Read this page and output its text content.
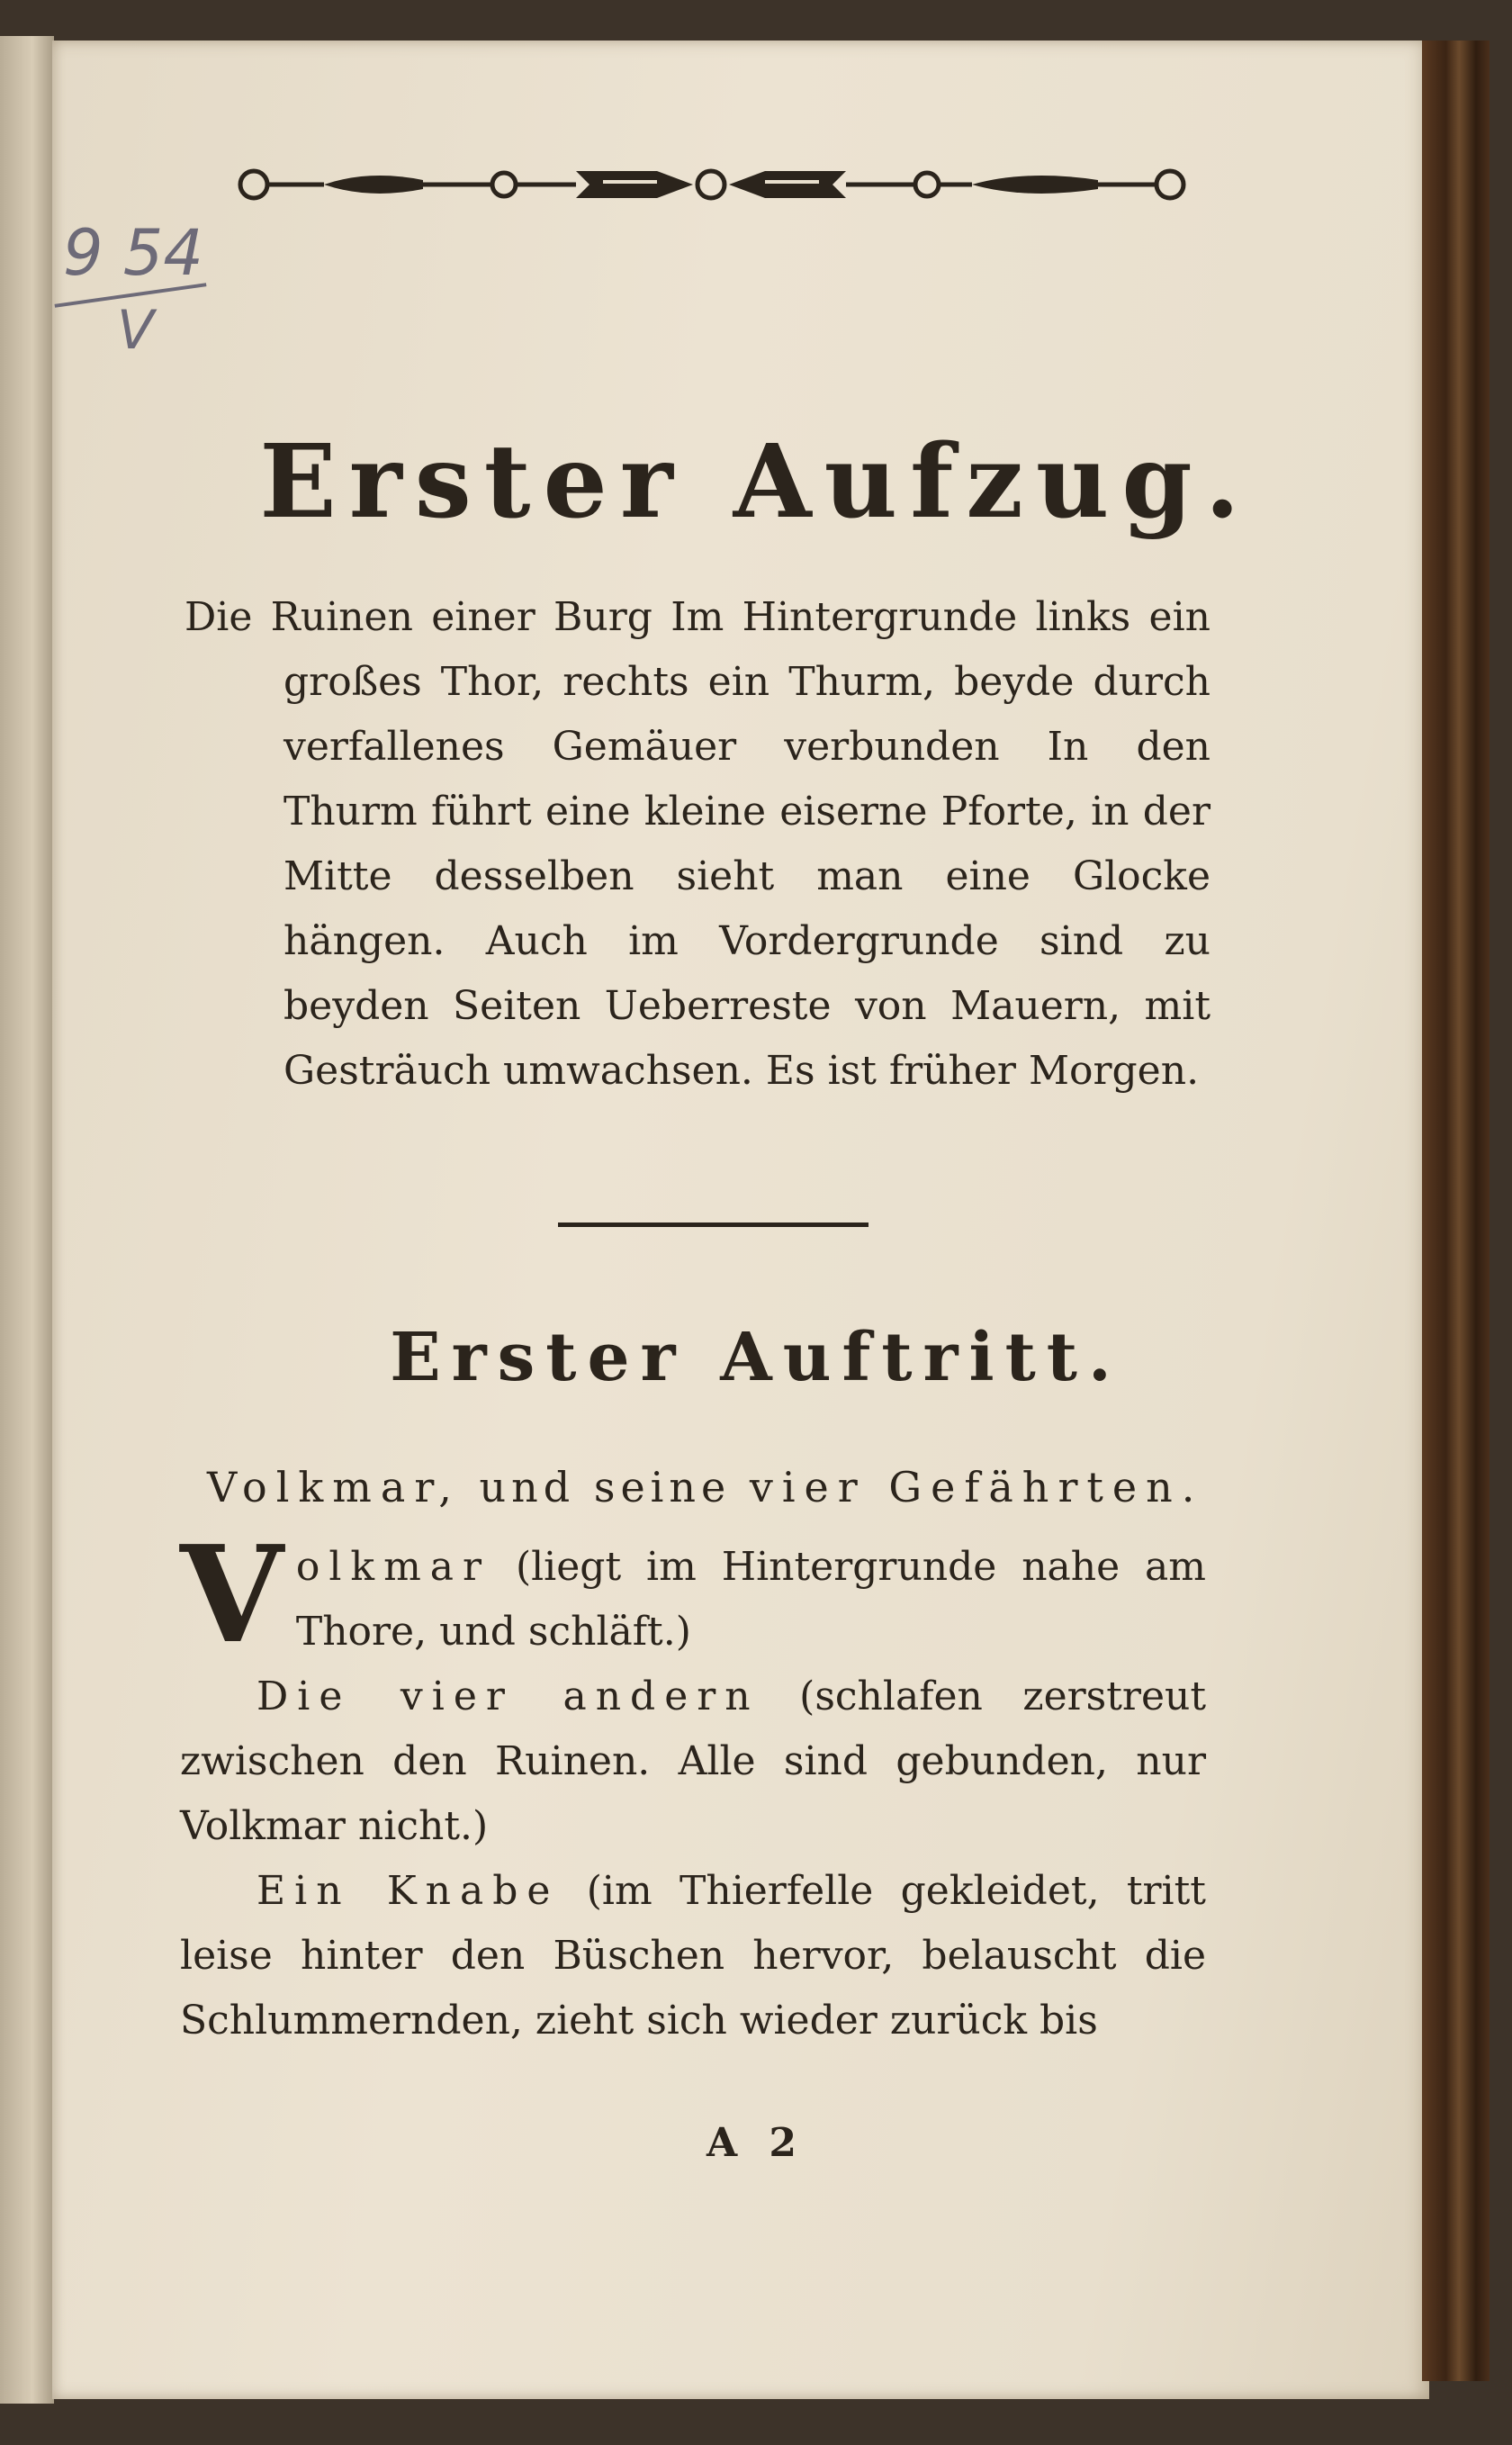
9 54
V
Erster Aufzug.

Die Ruinen einer Burg Im Hintergrunde links ein großes Thor, rechts ein Thurm, beyde durch verfallenes Gemäuer verbunden In den Thurm führt eine kleine eiserne Pforte, in der Mitte desselben sieht man eine Glocke hängen. Auch im Vordergrunde sind zu beyden Seiten Ueberreste von Mauern, mit Gesträuch umwachsen. Es ist früher Morgen.

Erster Auftritt.
Volkmar, und seine vier Gefährten.

Volkmar (liegt im Hintergrunde nahe am Thore, und schläft.)

Die vier andern (schlafen zerstreut zwischen den Ruinen. Alle sind gebunden, nur Volkmar nicht.)

Ein Knabe (im Thierfelle gekleidet, tritt leise hinter den Büschen hervor, belauscht die Schlummernden, zieht sich wieder zurück bis

A 2
